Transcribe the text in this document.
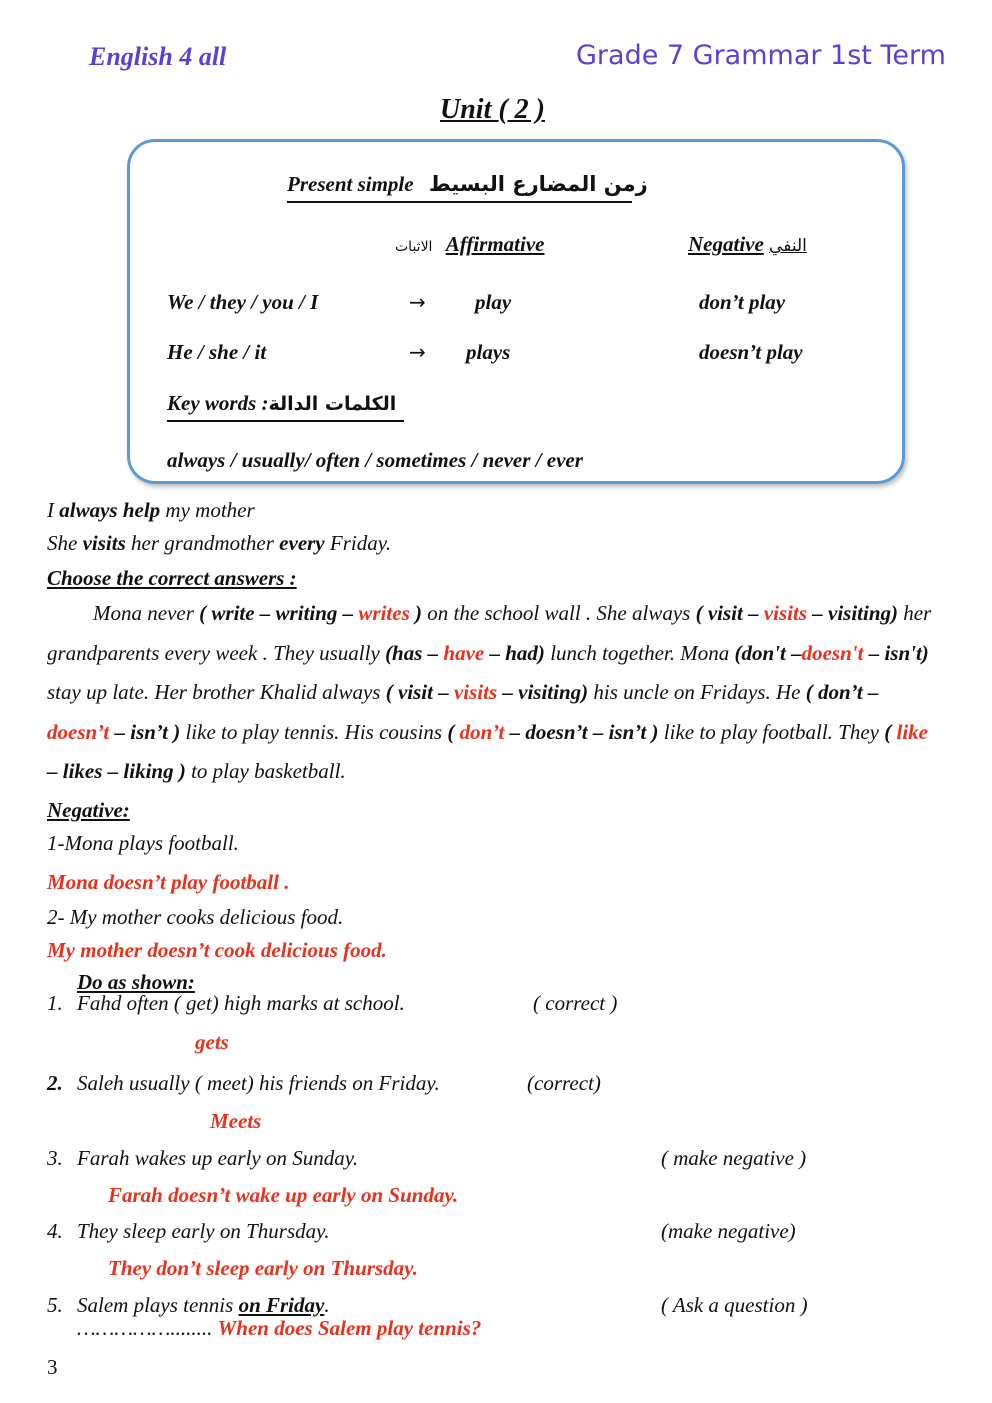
English 4 all	Grade 7 Grammar 1st Term
Unit ( 2 )
Present simple زمن المضارع البسيط
الاثبات Affirmative	Negative النفي
We / they / you / I	→ play	don’t play
He / she / it	→ plays	doesn’t play
Key words :الكلمات الدالة
always / usually/ often / sometimes / never / ever
I always help my mother
She visits her grandmother every Friday.
Choose the correct answers :
Mona never ( write – writing – writes ) on the school wall . She always ( visit – visits – visiting) her grandparents every week . They usually (has – have – had) lunch together. Mona (don't –doesn't – isn't) stay up late. Her brother Khalid always ( visit – visits – visiting) his uncle on Fridays. He ( don’t – doesn’t – isn’t ) like to play tennis. His cousins ( don’t – doesn’t – isn’t ) like to play football. They ( like – likes – liking ) to play basketball.
Negative:
1-Mona plays football.
Mona doesn’t play football .
2- My mother cooks delicious food.
My mother doesn’t cook delicious food.
Do as shown:
1. Fahd often ( get) high marks at school.	( correct )
gets
2. Saleh usually ( meet) his friends on Friday.	(correct)
Meets
3. Farah wakes up early on Sunday.	( make negative )
Farah doesn’t wake up early on Sunday.
4. They sleep early on Thursday.	(make negative)
They don’t sleep early on Thursday.
5. Salem plays tennis on Friday.	( Ask a question )
……………........ When does Salem play tennis?
3
